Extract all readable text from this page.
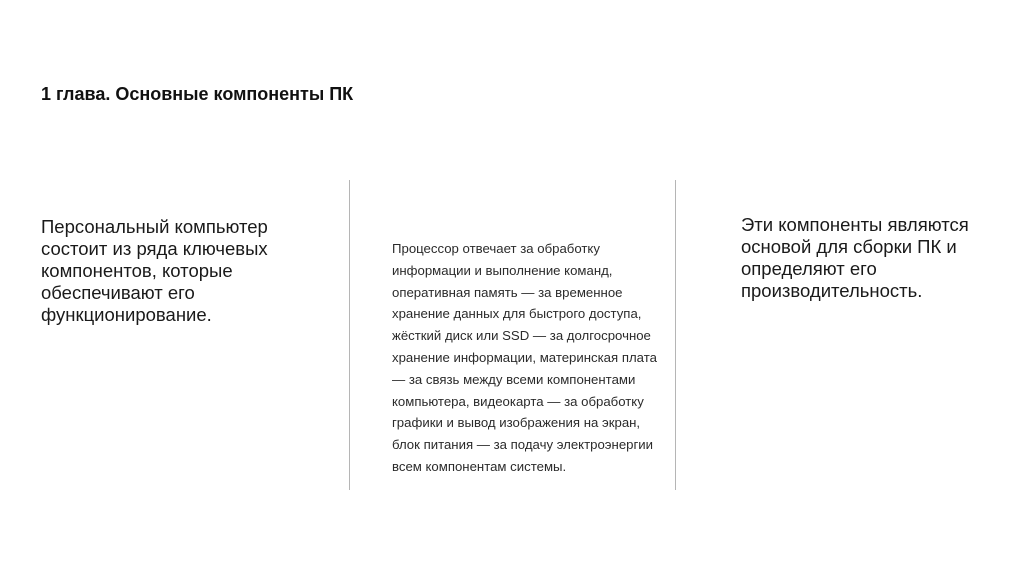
1 глава. Основные компоненты ПК
Персональный компьютер состоит из ряда ключевых компонентов, которые обеспечивают его функционирование.
Процессор отвечает за обработку информации и выполнение команд, оперативная память — за временное хранение данных для быстрого доступа, жёсткий диск или SSD — за долгосрочное хранение информации, материнская плата — за связь между всеми компонентами компьютера, видеокарта — за обработку графики и вывод изображения на экран, блок питания — за подачу электроэнергии всем компонентам системы.
Эти компоненты являются основой для сборки ПК и определяют его производительность.
